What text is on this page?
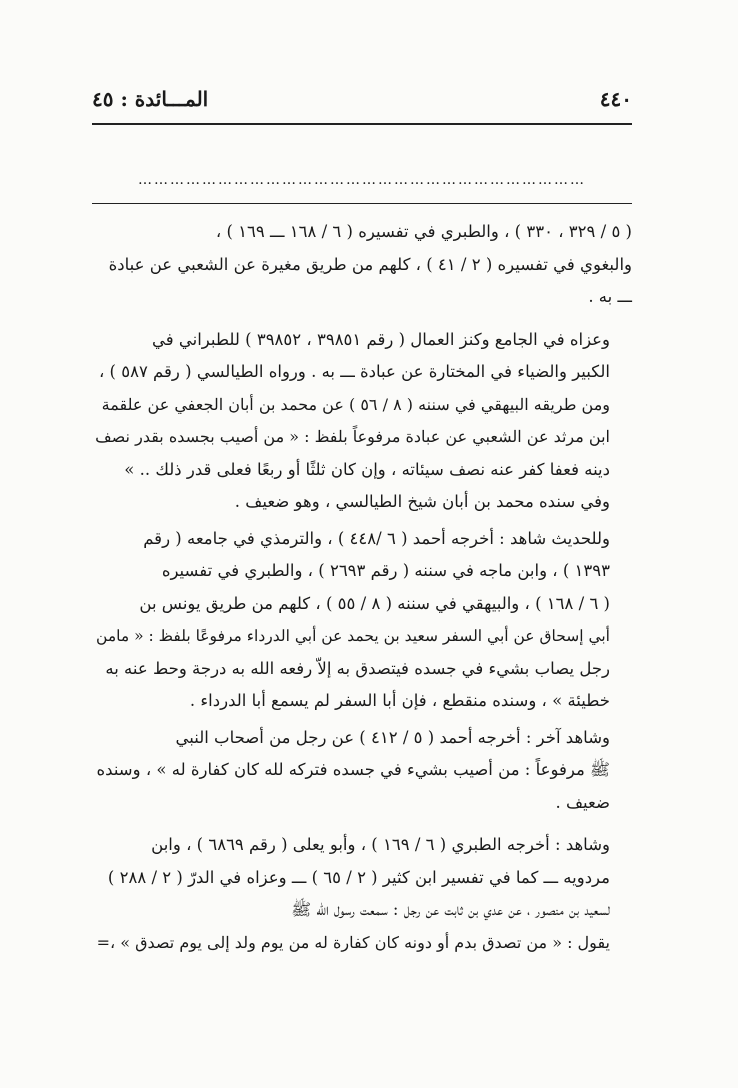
٤٤٠
المـــائدة : ٤٥
…………………………………………………………………………

( ٥ / ٣٢٩ ، ٣٣٠ ) ، والطبري في تفسيره ( ٦ / ١٦٨ ـــ ١٦٩ ) ،
والبغوي في تفسيره ( ٢ / ٤١ ) ، كلهم من طريق مغيرة عن الشعبي عن عبادة
ـــ به .

وعزاه في الجامع وكنز العمال ( رقم ٣٩٨٥١ ، ٣٩٨٥٢ ) للطبراني في
الكبير والضياء في المختارة عن عبادة ـــ به . ورواه الطيالسي ( رقم ٥٨٧ ) ،
ومن طريقه البيهقي في سننه ( ٨ / ٥٦ ) عن محمد بن أبان الجعفي عن علقمة
ابن مرثد عن الشعبي عن عبادة مرفوعاً بلفظ : « من أصيب بجسده بقدر نصف
دينه فعفا كفر عنه نصف سيئاته ، وإن كان ثلثًا أو ربعًا فعلى قدر ذلك .. »
وفي سنده محمد بن أبان شيخ الطيالسي ، وهو ضعيف .

وللحديث شاهد : أخرجه أحمد ( ٦ /٤٤٨ ) ، والترمذي في جامعه ( رقم
١٣٩٣ ) ، وابن ماجه في سننه ( رقم ٢٦٩٣ ) ، والطبري في تفسيره
( ٦ / ١٦٨ ) ، والبيهقي في سننه ( ٨ / ٥٥ ) ، كلهم من طريق يونس بن
أبي إسحاق عن أبي السفر سعيد بن يحمد عن أبي الدرداء مرفوعًا بلفظ : « مامن
رجل يصاب بشيء في جسده فيتصدق به إلاّ رفعه الله به درجة وحط عنه به
خطيئة » ، وسنده منقطع ، فإن أبا السفر لم يسمع أبا الدرداء .

وشاهد آخر : أخرجه أحمد ( ٥ / ٤١٢ ) عن رجل من أصحاب النبي
ﷺ مرفوعاً : من أصيب بشيء في جسده فتركه لله كان كفارة له » ، وسنده
ضعيف .

وشاهد : أخرجه الطبري ( ٦ / ١٦٩ ) ، وأبو يعلى ( رقم ٦٨٦٩ ) ، وابن
مردويه ـــ كما في تفسير ابن كثير ( ٢ / ٦٥ ) ـــ وعزاه في الدرّ ( ٢ / ٢٨٨ )
لسعيد بن منصور ، عن عدي بن ثابت عن رجل : سمعت رسول الله ﷺ
يقول : « من تصدق بدم أو دونه كان كفارة له من يوم ولد إلى يوم تصدق » ،=
